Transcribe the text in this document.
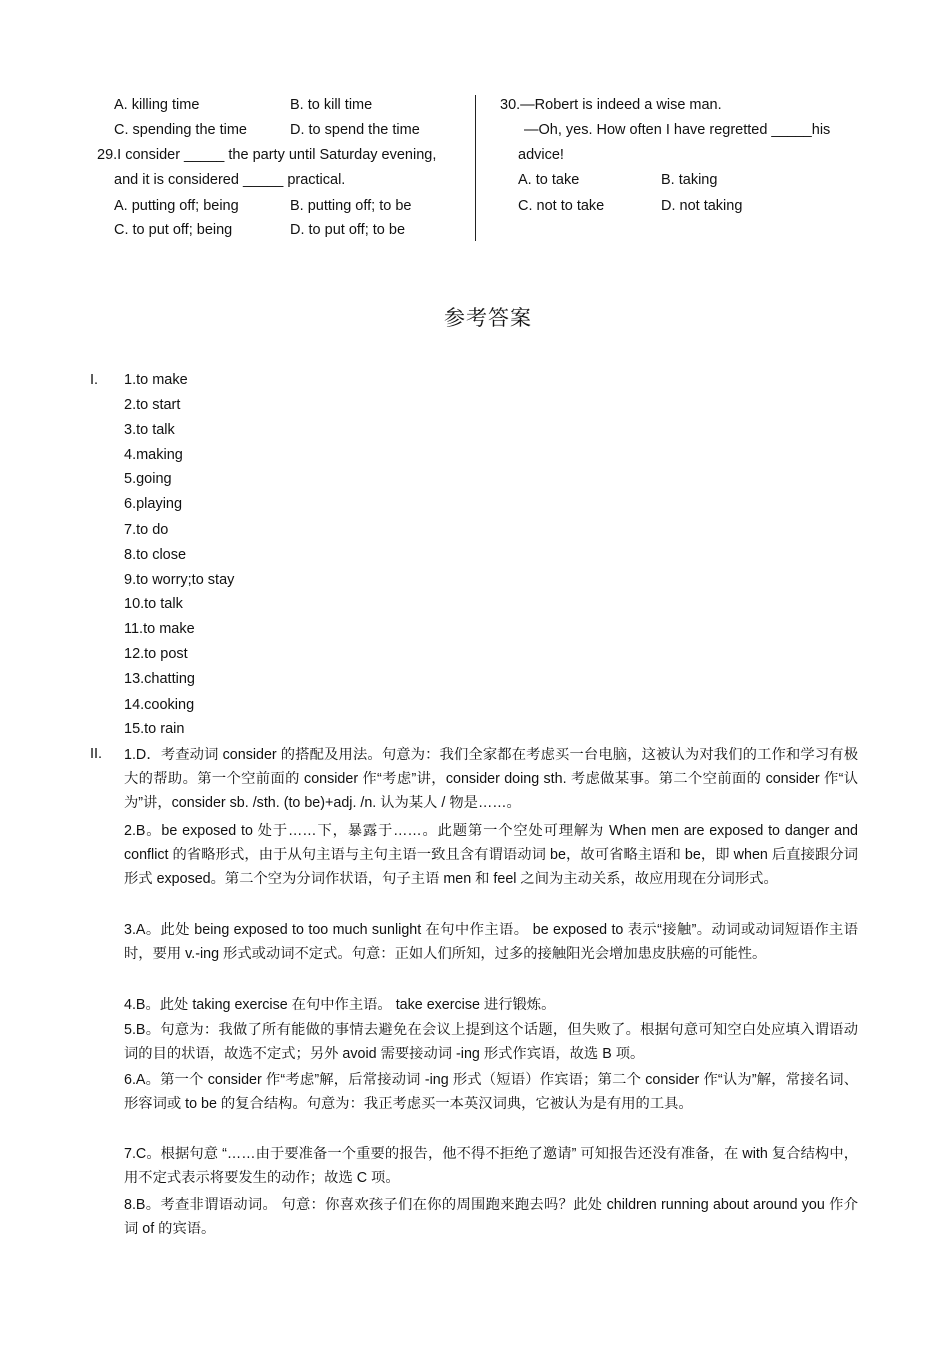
A. killing time	B. to kill time
C. spending the time	D. to spend the time
29.I consider _____ the party until Saturday evening,
and it is considered _____ practical.
A. putting off; being	B. putting off; to be
C. to put off; being	D. to put off; to be
30.—Robert is indeed a wise man.
—Oh, yes. How often I have regretted _____his
advice!
A. to take	B. taking
C. not to take	D. not taking
参考答案
I. 1.to make
2.to start
3.to talk
4.making
5.going
6.playing
7.to do
8.to close
9.to worry;to stay
10.to talk
11.to make
12.to post
13.chatting
14.cooking
15.to rain
II. 1.D．考查动词 consider 的搭配及用法。句意为：我们全家都在考虑买一台电脑，这被认为对我们的工作和学习有极大的帮助。第一个空前面的 consider 作“考虑”讲，consider doing sth. 考虑做某事。第二个空前面的 consider 作“认为”讲，consider sb. /sth. (to be)+adj. /n. 认为某人 / 物是……。
2.B。be exposed to 处于……下，暴露于……。此题第一个空处可理解为 When men are exposed to danger and conflict 的省略形式，由于从句主语与主句主语一致且含有谓语动词 be，故可省略主语和 be，即 when 后直接跟分词形式 exposed。第二个空为分词作状语，句子主语 men 和 feel 之间为主动关系，故应用现在分词形式。
3.A。此处 being exposed to too much sunlight 在句中作主语。 be exposed to 表示“接触”。动词或动词短语作主语时，要用 v.-ing 形式或动词不定式。句意：正如人们所知，过多的接触阳光会增加患皮肤癌的可能性。
4.B。此处 taking exercise 在句中作主语。 take exercise 进行锻炼。
5.B。句意为：我做了所有能做的事情去避免在会议上提到这个话题，但失败了。根据句意可知空白处应填入谓语动词的目的状语，故选不定式；另外 avoid 需要接动词 -ing 形式作宾语，故选 B 项。
6.A。第一个 consider 作“考虑”解，后常接动词 -ing 形式（短语）作宾语；第二个 consider 作“认为”解，常接名词、形容词或 to be 的复合结构。句意为：我正考虑买一本英汉词典，它被认为是有用的工具。
7.C。根据句意 “……由于要准备一个重要的报告，他不得不拒绝了邀请” 可知报告还没有准备，在 with 复合结构中，用不定式表示将要发生的动作；故选 C 项。
8.B。考查非谓语动词。 句意：你喜欢孩子们在你的周围跑来跑去吗？此处 children running about around you 作介词 of 的宾语。
